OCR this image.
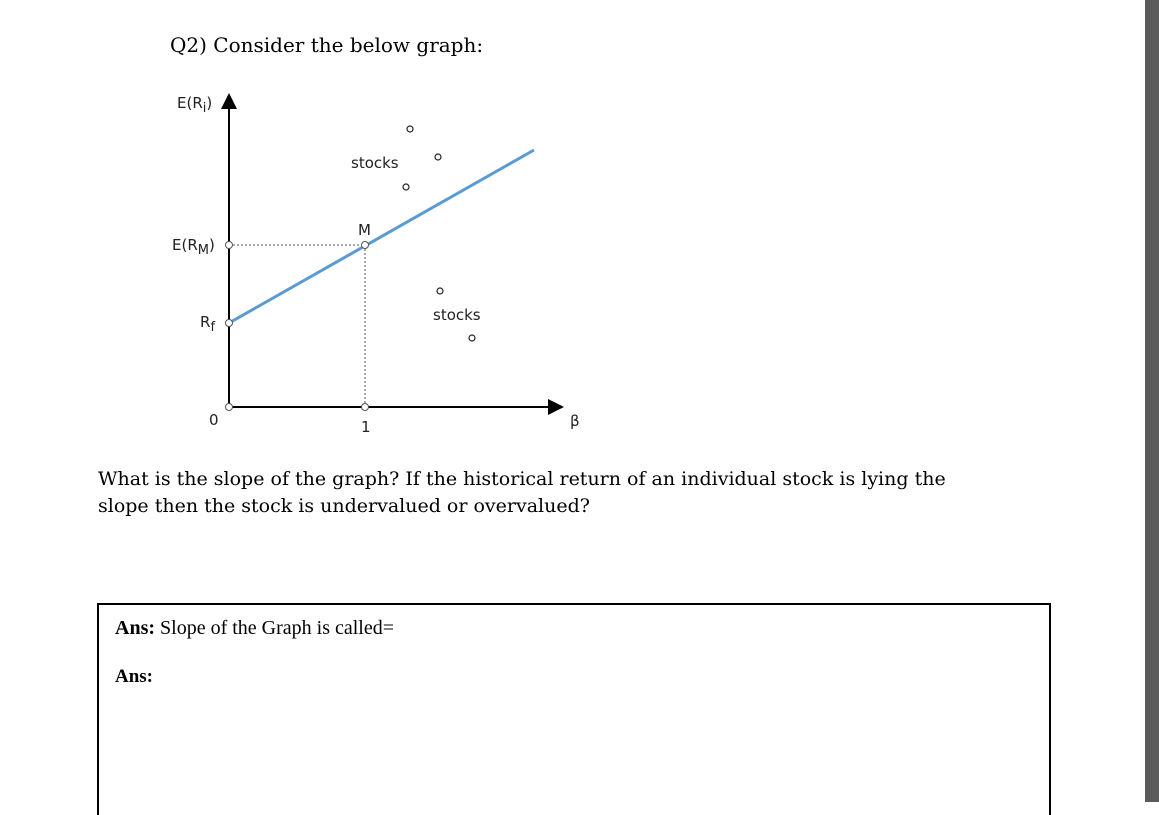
Q2) Consider the below graph:
E(Ri)
E(RM)
Rf
M
stocks
stocks
0	1	β
What is the slope of the graph? If the historical return of an individual stock is lying the
slope then the stock is undervalued or overvalued?
Ans: Slope of the Graph is called=
Ans:
